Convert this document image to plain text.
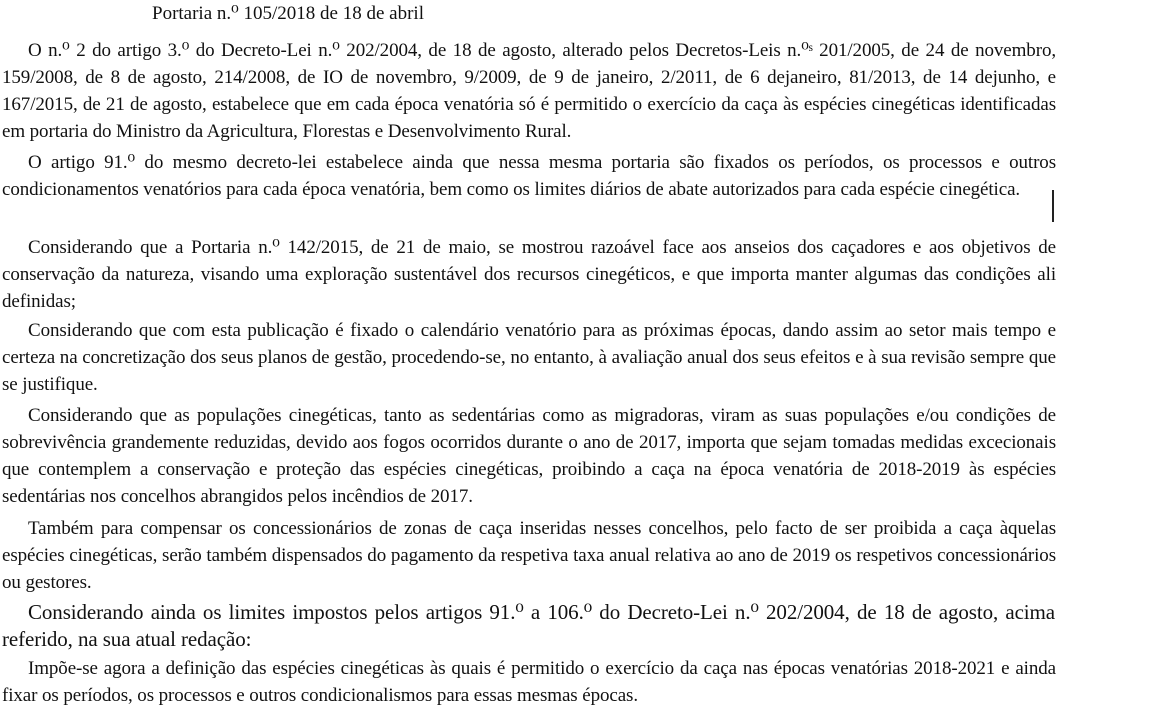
Portaria n.⁰ 105/2018 de 18 de abril

O n.⁰ 2 do artigo 3.⁰ do Decreto-Lei n.⁰ 202/2004, de 18 de agosto, alterado pelos Decretos-Leis n.⁰ˢ 201/2005, de 24 de novembro, 159/2008, de 8 de agosto, 214/2008, de IO de novembro, 9/2009, de 9 de janeiro, 2/2011, de 6 dejaneiro, 81/2013, de 14 dejunho, e 167/2015, de 21 de agosto, estabelece que em cada época venatória só é permitido o exercício da caça às espécies cinegéticas identificadas em portaria do Ministro da Agricultura, Florestas e Desenvolvimento Rural.

O artigo 91.⁰ do mesmo decreto-lei estabelece ainda que nessa mesma portaria são fixados os períodos, os processos e outros condicionamentos venatórios para cada época venatória, bem como os limites diários de abate autorizados para cada espécie cinegética.

Considerando que a Portaria n.⁰ 142/2015, de 21 de maio, se mostrou razoável face aos anseios dos caçadores e aos objetivos de conservação da natureza, visando uma exploração sustentável dos recursos cinegéticos, e que importa manter algumas das condições ali definidas;

Considerando que com esta publicação é fixado o calendário venatório para as próximas épocas, dando assim ao setor mais tempo e certeza na concretização dos seus planos de gestão, procedendo-se, no entanto, à avaliação anual dos seus efeitos e à sua revisão sempre que se justifique.

Considerando que as populações cinegéticas, tanto as sedentárias como as migradoras, viram as suas populações e/ou condições de sobrevivência grandemente reduzidas, devido aos fogos ocorridos durante o ano de 2017, importa que sejam tomadas medidas excecionais que contemplem a conservação e proteção das espécies cinegéticas, proibindo a caça na época venatória de 2018-2019 às espécies sedentárias nos concelhos abrangidos pelos incêndios de 2017.

Também para compensar os concessionários de zonas de caça inseridas nesses concelhos, pelo facto de ser proibida a caça àquelas espécies cinegéticas, serão também dispensados do pagamento da respetiva taxa anual relativa ao ano de 2019 os respetivos concessionários ou gestores.

Considerando ainda os limites impostos pelos artigos 91.⁰ a 106.⁰ do Decreto-Lei n.⁰ 202/2004, de 18 de agosto, acima referido, na sua atual redação:

Impõe-se agora a definição das espécies cinegéticas às quais é permitido o exercício da caça nas épocas venatórias 2018-2021 e ainda fixar os períodos, os processos e outros condicionalismos para essas mesmas épocas.
